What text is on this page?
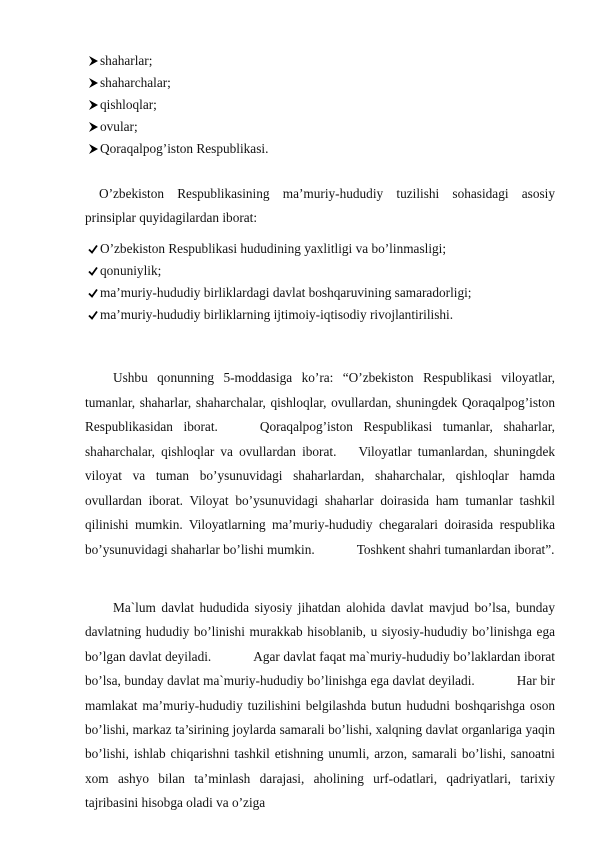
shaharlar;
shaharchalar;
qishloqlar;
ovular;
Qoraqalpog’iston Respublikasi.

O’zbekiston Respublikasining ma’muriy-hududiy tuzilishi sohasidagi asosiy prinsiplar quyidagilardan iborat:

O’zbekiston Respublikasi hududining yaxlitligi va bo’linmasligi;
qonuniylik;
ma’muriy-hududiy birliklardagi davlat boshqaruvining samaradorligi;
ma’muriy-hududiy birliklarning ijtimoiy-iqtisodiy rivojlantirilishi.

Ushbu qonunning 5-moddasiga ko’ra: “O’zbekiston Respublikasi viloyatlar, tumanlar, shaharlar, shaharchalar, qishloqlar, ovullardan, shuningdek Qoraqalpog’iston Respublikasidan iborat.	Qoraqalpog’iston Respublikasi tumanlar, shaharlar, shaharchalar, qishloqlar va ovullardan iborat. Viloyatlar tumanlardan, shuningdek viloyat va tuman bo’ysunuvidagi shaharlardan, shaharchalar, qishloqlar hamda ovullardan iborat. Viloyat bo’ysunuvidagi shaharlar doirasida ham tumanlar tashkil qilinishi mumkin. Viloyatlarning ma’muriy-hududiy chegaralari doirasida respublika bo’ysunuvidagi shaharlar bo’lishi mumkin.	Toshkent shahri tumanlardan iborat”.

Ma`lum davlat hududida siyosiy jihatdan alohida davlat mavjud bo’lsa, bunday davlatning hududiy bo’linishi murakkab hisoblanib, u siyosiy-hududiy bo’linishga ega bo’lgan davlat deyiladi.	Agar davlat faqat ma`muriy-hududiy bo’laklardan iborat bo’lsa, bunday davlat ma`muriy-hududiy bo’linishga ega davlat deyiladi.	Har bir mamlakat ma’muriy-hududiy tuzilishini belgilashda butun hududni boshqarishga oson bo’lishi, markaz ta’sirining joylarda samarali bo’lishi, xalqning davlat organlariga yaqin bo’lishi, ishlab chiqarishni tashkil etishning unumli, arzon, samarali bo’lishi, sanoatni xom ashyo bilan ta’minlash darajasi, aholining urf-odatlari, qadriyatlari, tarixiy tajribasini hisobga oladi va o’ziga
